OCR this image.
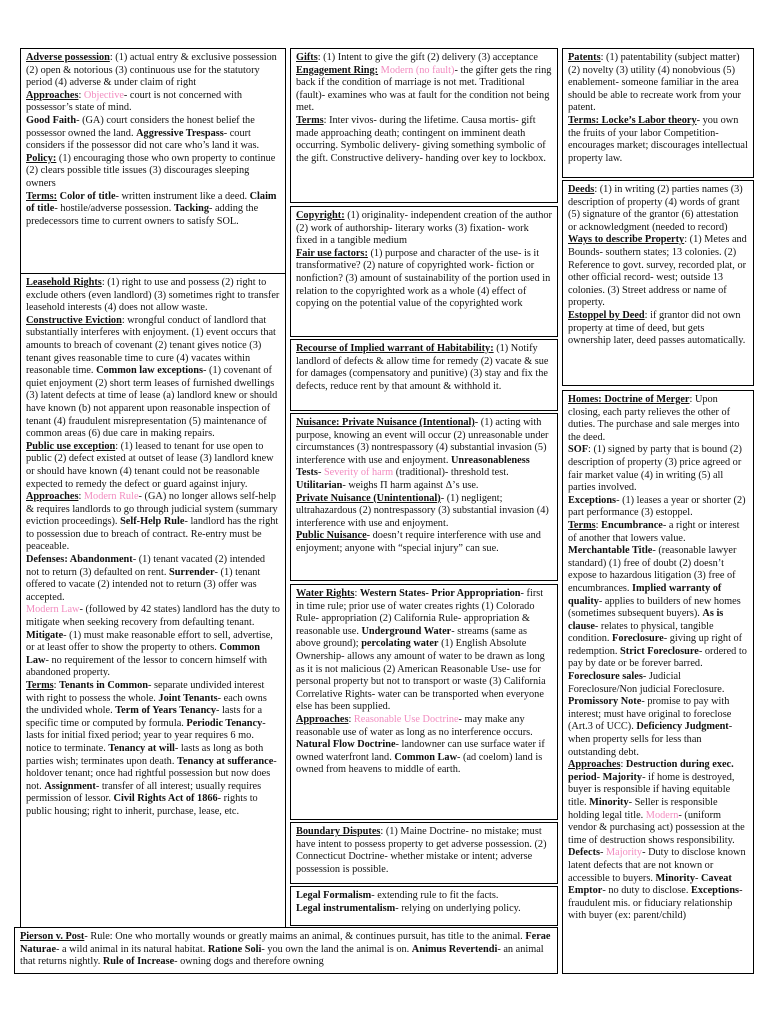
Adverse possession: (1) actual entry & exclusive possession (2) open & notorious (3) continuous use for the statutory period (4) adverse & under claim of right

Approaches: Objective- court is not concerned with possessor’s state of mind.

Good Faith- (GA) court considers the honest belief the possessor owned the land. Aggressive Trespass- court considers if the possessor did not care who’s land it was.

Policy: (1) encouraging those who own property to continue (2) clears possible title issues (3) discourages sleeping owners

Terms: Color of title- written instrument like a deed. Claim of title- hostile/adverse possession. Tacking- adding the predecessors time to current owners to satisfy SOL.

Leasehold Rights: (1) right to use and possess (2) right to exclude others (even landlord) (3) sometimes right to transfer leasehold interests (4) does not allow waste.

Constructive Eviction: wrongful conduct of landlord that substantially interferes with enjoyment. (1) event occurs that amounts to breach of covenant (2) tenant gives notice (3) tenant gives reasonable time to cure (4) vacates within reasonable time. Common law exceptions- (1) covenant of quiet enjoyment (2) short term leases of furnished dwellings (3) latent defects at time of lease (a) landlord knew or should have known (b) not apparent upon reasonable inspection of tenant (4) fraudulent misrepresentation (5) maintenance of common areas (6) due care in making repairs.

Public use exception: (1) leased to tenant for use open to public (2) defect existed at outset of lease (3) landlord knew or should have known (4) tenant could not be reasonable expected to remedy the defect or guard against injury.

Approaches: Modern Rule- (GA) no longer allows self-help & requires landlords to go through judicial system (summary eviction proceedings). Self-Help Rule- landlord has the right to possession due to breach of contract. Re-entry must be peaceable.

Defenses: Abandonment- (1) tenant vacated (2) intended not to return (3) defaulted on rent. Surrender- (1) tenant offered to vacate (2) intended not to return (3) offer was accepted.

Modern Law- (followed by 42 states) landlord has the duty to mitigate when seeking recovery from defaulting tenant. Mitigate- (1) must make reasonable effort to sell, advertise, or at least offer to show the property to others. Common Law- no requirement of the lessor to concern himself with abandoned property.

Terms: Tenants in Common- separate undivided interest with right to possess the whole. Joint Tenants- each owns the undivided whole. Term of Years Tenancy- lasts for a specific time or computed by formula. Periodic Tenancy- lasts for initial fixed period; year to year requires 6 mo. notice to terminate. Tenancy at will- lasts as long as both parties wish; terminates upon death. Tenancy at sufferance- holdover tenant; once had rightful possession but now does not. Assignment- transfer of all interest; usually requires permission of lessor. Civil Rights Act of 1866- rights to public housing; right to inherit, purchase, lease, etc.

Gifts: (1) Intent to give the gift (2) delivery (3) acceptance

Engagement Ring: Modern (no fault)- the gifter gets the ring back if the condition of marriage is not met. Traditional (fault)- examines who was at fault for the condition not being met.

Terms: Inter vivos- during the lifetime. Causa mortis- gift made approaching death; contingent on imminent death occurring. Symbolic delivery- giving something symbolic of the gift. Constructive delivery- handing over key to lockbox.

Copyright: (1) originality- independent creation of the author (2) work of authorship- literary works (3) fixation- work fixed in a tangible medium

Fair use factors: (1) purpose and character of the use- is it transformative? (2) nature of copyrighted work- fiction or nonfiction? (3) amount of sustainability of the portion used in relation to the copyrighted work as a whole (4) effect of copying on the potential value of the copyrighted work

Recourse of Implied warrant of Habitability: (1) Notify landlord of defects & allow time for remedy (2) vacate & sue for damages (compensatory and punitive) (3) stay and fix the defects, reduce rent by that amount & withhold it.

Nuisance: Private Nuisance (Intentional)- (1) acting with purpose, knowing an event will occur (2) unreasonable under circumstances (3) nontrespassory (4) substantial invasion (5) interference with use and enjoyment. Unreasonableness Tests- Severity of harm (traditional)- threshold test. Utilitarian- weighs Π harm against Δ’s use.

Private Nuisance (Unintentional)- (1) negligent; ultrahazardous (2) nontrespassory (3) substantial invasion (4) interference with use and enjoyment.

Public Nuisance- doesn’t require interference with use and enjoyment; anyone with “special injury” can sue.

Water Rights: Western States- Prior Appropriation- first in time rule; prior use of water creates rights (1) Colorado Rule- appropriation (2) California Rule- appropriation & reasonable use. Underground Water- streams (same as above ground); percolating water (1) English Absolute Ownership- allows any amount of water to be drawn as long as it is not malicious (2) American Reasonable Use- use for personal property but not to transport or waste (3) California Correlative Rights- water can be transported when everyone else has been supplied.

Approaches: Reasonable Use Doctrine- may make any reasonable use of water as long as no interference occurs. Natural Flow Doctrine- landowner can use surface water if owned waterfront land. Common Law- (ad coelom) land is owned from heavens to middle of earth.

Boundary Disputes: (1) Maine Doctrine- no mistake; must have intent to possess property to get adverse possession. (2) Connecticut Doctrine- whether mistake or intent; adverse possession is possible.

Legal Formalism- extending rule to fit the facts.

Legal instrumentalism- relying on underlying policy.

Patents: (1) patentability (subject matter) (2) novelty (3) utility (4) nonobvious (5) enablement- someone familiar in the area should be able to recreate work from your patent.

Terms: Locke’s Labor theory- you own the fruits of your labor Competition- encourages market; discourages intellectual property law.

Deeds: (1) in writing (2) parties names (3) description of property (4) words of grant (5) signature of the grantor (6) attestation or acknowledgment (needed to record)

Ways to describe Property: (1) Metes and Bounds- southern states; 13 colonies. (2) Reference to govt. survey, recorded plat, or other official record- west; outside 13 colonies. (3) Street address or name of property.

Estoppel by Deed: if grantor did not own property at time of deed, but gets ownership later, deed passes automatically.

Homes: Doctrine of Merger: Upon closing, each party relieves the other of duties. The purchase and sale merges into the deed.

SOF: (1) signed by party that is bound (2) description of property (3) price agreed or fair market value (4) in writing (5) all parties involved.

Exceptions- (1) leases a year or shorter (2) part performance (3) estoppel.

Terms: Encumbrance- a right or interest of another that lowers value. Merchantable Title- (reasonable lawyer standard) (1) free of doubt (2) doesn’t expose to hazardous litigation (3) free of encumbrances. Implied warranty of quality- applies to builders of new homes (sometimes subsequent buyers). As is clause- relates to physical, tangible condition. Foreclosure- giving up right of redemption. Strict Foreclosure- ordered to pay by date or be forever barred. Foreclosure sales- Judicial Foreclosure/Non judicial Foreclosure. Promissory Note- promise to pay with interest; must have original to foreclose (Art.3 of UCC). Deficiency Judgment- when property sells for less than outstanding debt.

Approaches: Destruction during exec. period- Majority- if home is destroyed, buyer is responsible if having equitable title. Minority- Seller is responsible holding legal title. Modern- (uniform vendor & purchasing act) possession at the time of destruction shows responsibility.

Defects- Majority- Duty to disclose known latent defects that are not known or accessible to buyers. Minority- Caveat Emptor- no duty to disclose. Exceptions- fraudulent mis. or fiduciary relationship with buyer (ex: parent/child)

Pierson v. Post- Rule: One who mortally wounds or greatly maims an animal, & continues pursuit, has title to the animal. Ferae Naturae- a wild animal in its natural habitat. Ratione Soli- you own the land the animal is on. Animus Revertendi- an animal that returns nightly. Rule of Increase- owning dogs and therefore owning
